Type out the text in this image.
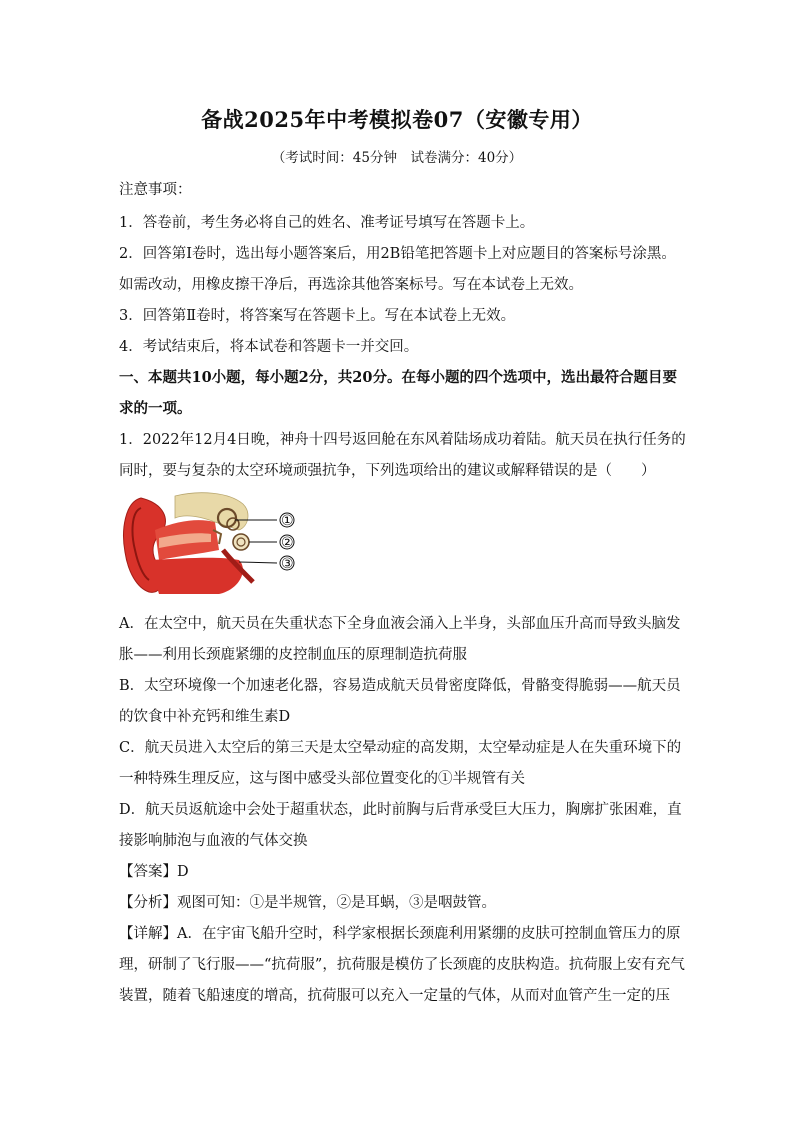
备战2025年中考模拟卷07（安徽专用）
（考试时间：45分钟　试卷满分：40分）
注意事项：
1．答卷前，考生务必将自己的姓名、准考证号填写在答题卡上。
2．回答第Ⅰ卷时，选出每小题答案后，用2B铅笔把答题卡上对应题目的答案标号涂黑。
如需改动，用橡皮擦干净后，再选涂其他答案标号。写在本试卷上无效。
3．回答第Ⅱ卷时，将答案写在答题卡上。写在本试卷上无效。
4．考试结束后，将本试卷和答题卡一并交回。
一、本题共10小题，每小题2分，共20分。在每小题的四个选项中，选出最符合题目要
求的一项。
1．2022年12月4日晚，神舟十四号返回舱在东风着陆场成功着陆。航天员在执行任务的
同时，要与复杂的太空环境顽强抗争，下列选项给出的建议或解释错误的是（　　）
①
②
③
A．在太空中，航天员在失重状态下全身血液会涌入上半身，头部血压升高而导致头脑发
胀——利用长颈鹿紧绷的皮控制血压的原理制造抗荷服
B．太空环境像一个加速老化器，容易造成航天员骨密度降低，骨骼变得脆弱——航天员
的饮食中补充钙和维生素D
C．航天员进入太空后的第三天是太空晕动症的高发期，太空晕动症是人在失重环境下的
一种特殊生理反应，这与图中感受头部位置变化的①半规管有关
D．航天员返航途中会处于超重状态，此时前胸与后背承受巨大压力，胸廓扩张困难，直
接影响肺泡与血液的气体交换
【答案】D
【分析】观图可知：①是半规管，②是耳蜗，③是咽鼓管。
【详解】A．在宇宙飞船升空时，科学家根据长颈鹿利用紧绷的皮肤可控制血管压力的原
理，研制了飞行服——“抗荷服”，抗荷服是模仿了长颈鹿的皮肤构造。抗荷服上安有充气
装置，随着飞船速度的增高，抗荷服可以充入一定量的气体，从而对血管产生一定的压
